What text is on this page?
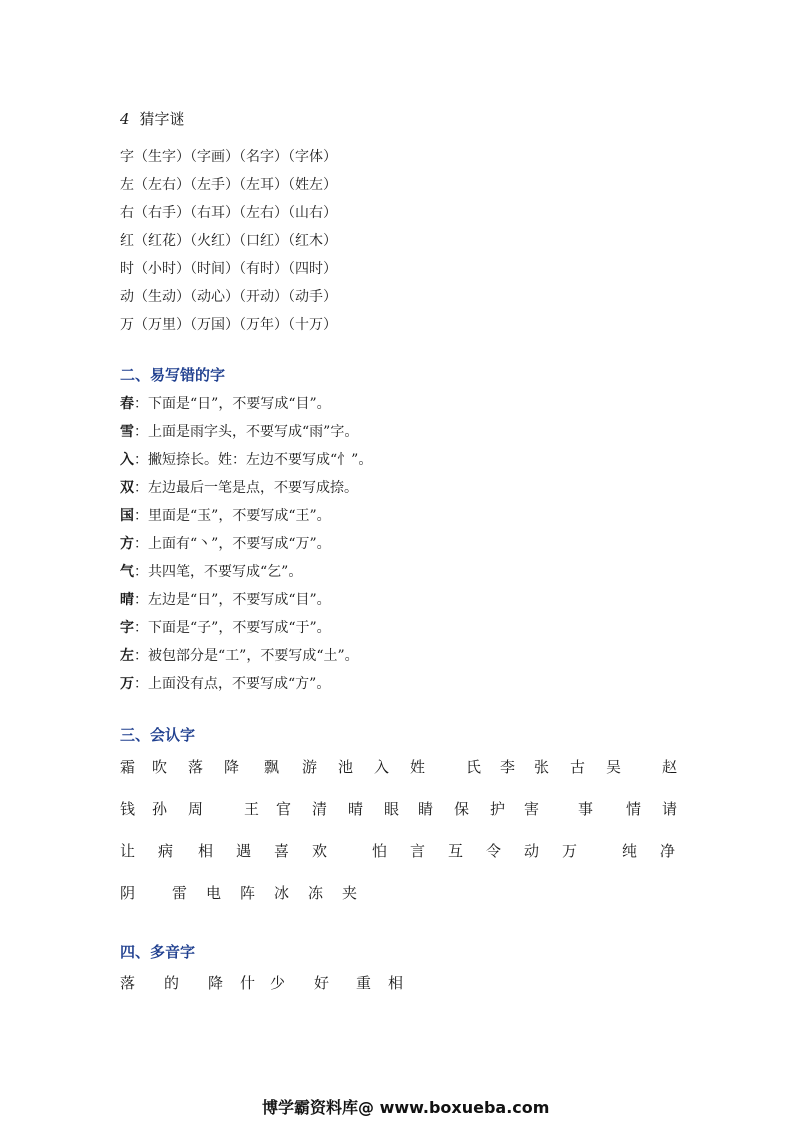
4 猜字谜
字（生字）（字画）（名字）（字体）
左（左右）（左手）（左耳）（姓左）
右（右手）（右耳）（左右）（山右）
红（红花）（火红）（口红）（红木）
时（小时）（时间）（有时）（四时）
动（生动）（动心）（开动）（动手）
万（万里）（万国）（万年）（十万）
二、易写错的字
春：下面是“日”，不要写成“目”。
雪：上面是雨字头，不要写成“雨”字。
入：撇短捺长。姓：左边不要写成“忄”。
双：左边最后一笔是点，不要写成捺。
国：里面是“玉”，不要写成“王”。
方：上面有“丶”，不要写成“万”。
气：共四笔，不要写成“乞”。
晴：左边是“日”，不要写成“目”。
字：下面是“子”，不要写成“于”。
左：被包部分是“工”，不要写成“土”。
万：上面没有点，不要写成“方”。
三、会认字
霜 吹 落 降 飘 游 池 入 姓	氏 李 张 古 吴	赵
钱 孙 周	王 官 清 晴 眼 睛 保 护 害	事 情 请
让 病 相 遇 喜 欢	怕 言 互 令 动 万	纯 净
阴 雷 电 阵 冰 冻 夹
四、多音字
落 的 降 什 少 好 重 相
博学霸资料库@ www.boxueba.com
